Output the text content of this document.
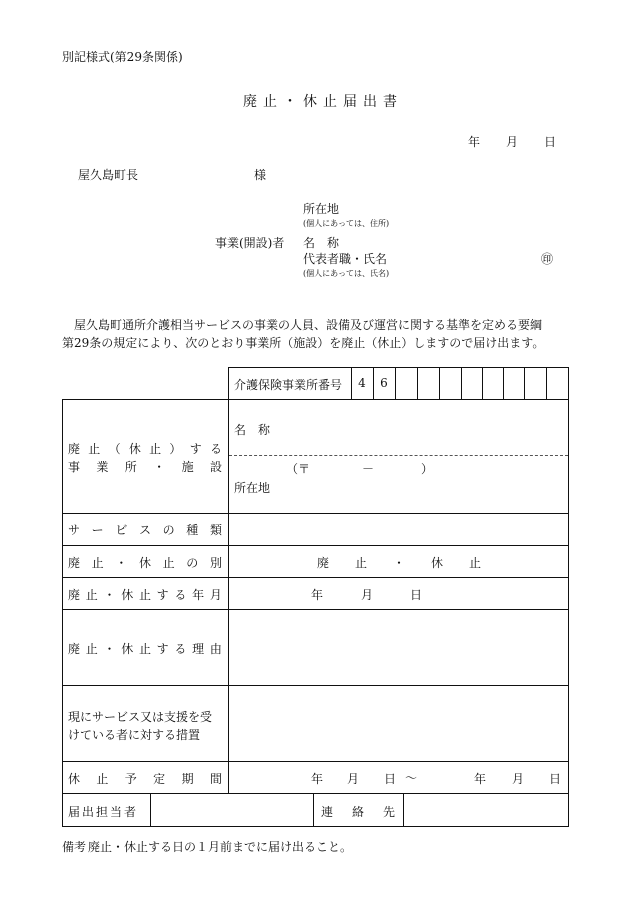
別記様式(第29条関係)
廃止・休止届出書
年 月 日
屋久島町長	様
所在地
(個人にあっては、住所)
事業(開設)者 名　称
代表者職・氏名	㊞
(個人にあっては、氏名)

屋久島町通所介護相当サービスの事業の人員、設備及び運営に関する基準を定める要綱

第29条の規定により、次のとおり事業所（施設）を廃止（休止）しますので届け出ます。

介護保険事業所番号	4	6
廃 止 （ 休 止 ） す る
事 業 所 ・ 施 設
名　称
（〒	－	）
所在地
サ ー ビ ス の 種 類
廃 止 ・ 休 止 の 別	廃 止 ・ 休 止
廃 止 ・ 休 止 す る 年 月	年	月	日
廃 止 ・ 休 止 す る 理 由
現にサービス又は支援を受
けている者に対する措置
休 止 予 定 期 間	年 月 日 ～	年 月 日
届出担当者	連 絡 先
備考 廃止・休止する日の１月前までに届け出ること。
